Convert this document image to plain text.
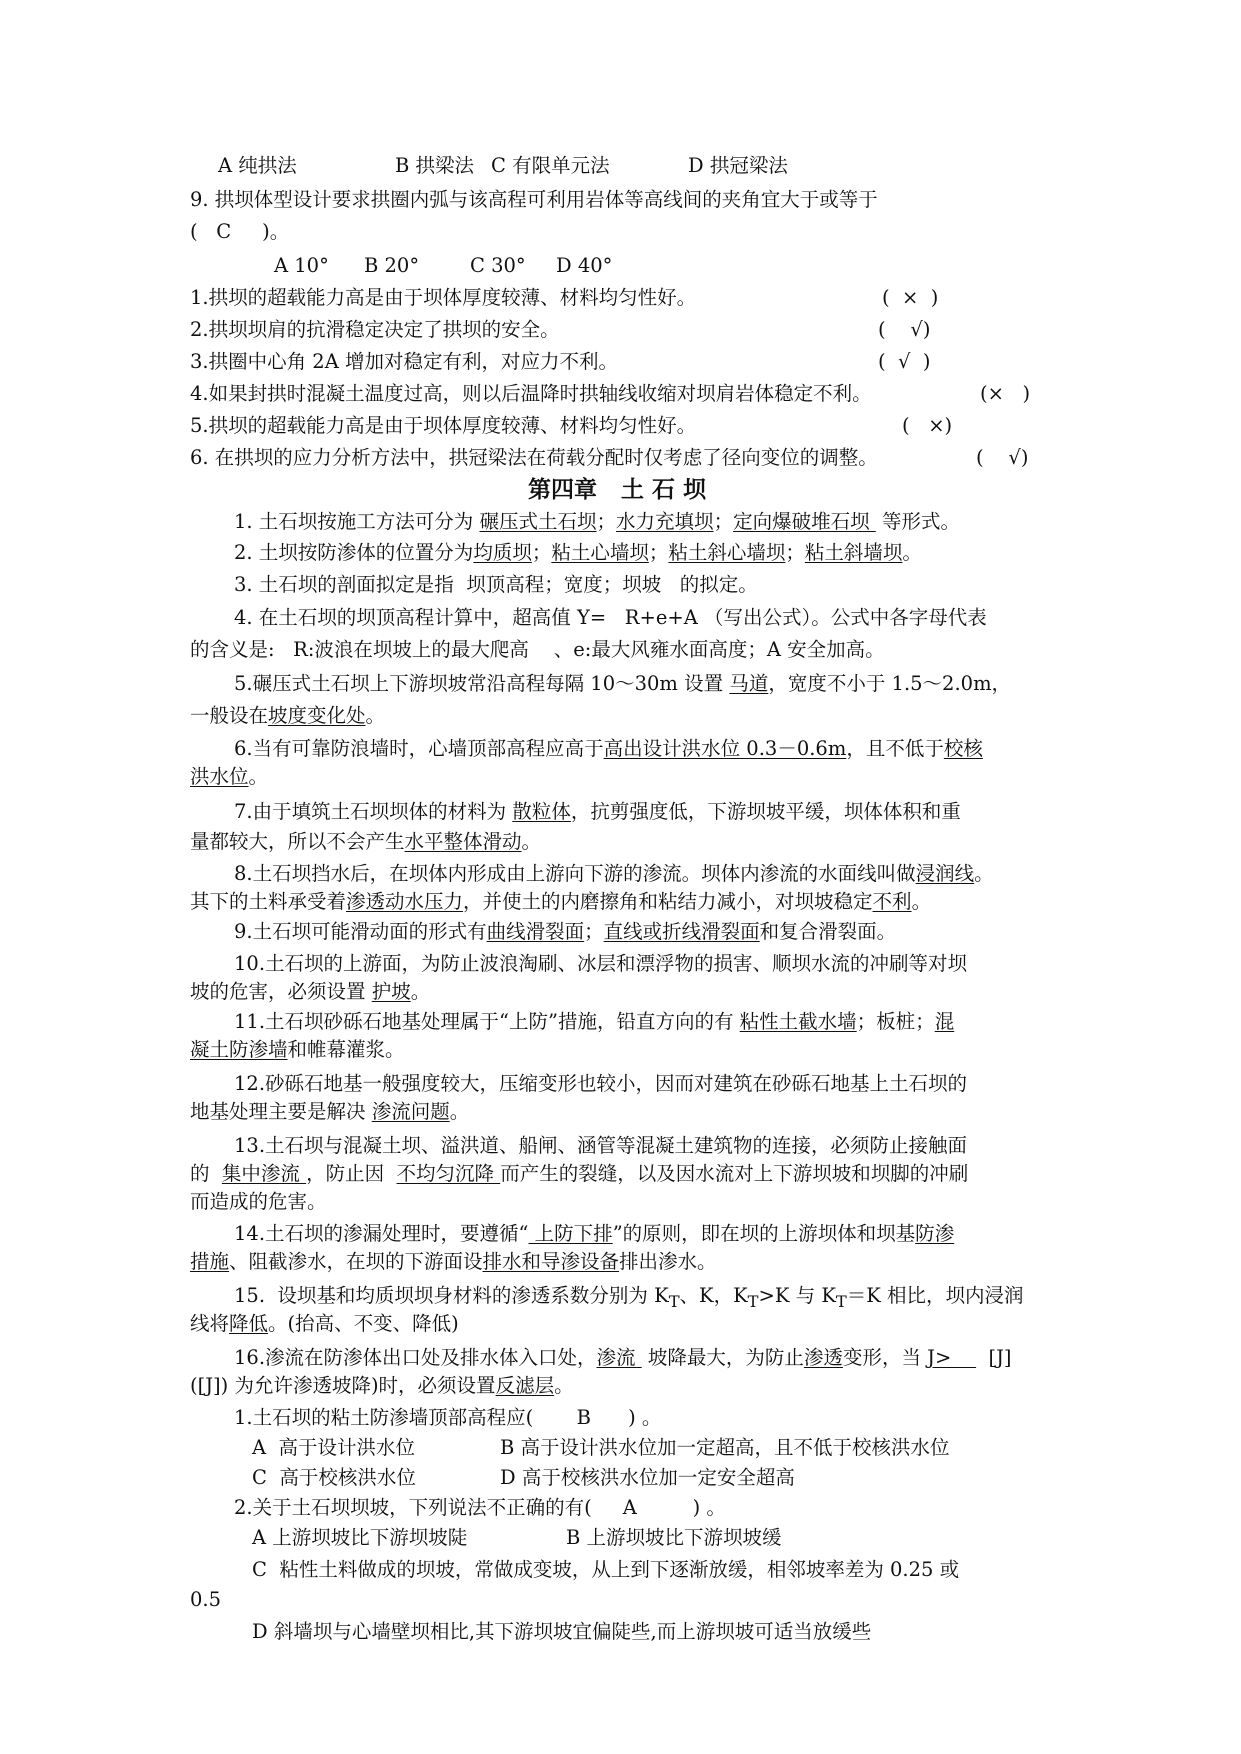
A 纯拱法	B 拱梁法 C 有限单元法	D 拱冠梁法
9. 拱坝体型设计要求拱圈内弧与该高程可利用岩体等高线间的夹角宜大于或等于
(   C     )。
A 10° B 20°	C 30° D 40°
1.拱坝的超载能力高是由于坝体厚度较薄、材料均匀性好。	(  ×  )
2.拱坝坝肩的抗滑稳定决定了拱坝的安全。	(    √)
3.拱圈中心角 2A 增加对稳定有利，对应力不利。	(  √  )
4.如果封拱时混凝土温度过高，则以后温降时拱轴线收缩对坝肩岩体稳定不利。	(×   )
5.拱坝的超载能力高是由于坝体厚度较薄、材料均匀性好。	(   ×)
6. 在拱坝的应力分析方法中，拱冠梁法在荷载分配时仅考虑了径向变位的调整。	(    √)
第四章   土 石 坝
1. 土石坝按施工方法可分为 碾压式土石坝；水力充填坝；定向爆破堆石坝  等形式。
2. 土坝按防渗体的位置分为均质坝；粘土心墙坝；粘土斜心墙坝；粘土斜墙坝。
3. 土石坝的剖面拟定是指  坝顶高程；宽度；坝坡   的拟定。
4. 在土石坝的坝顶高程计算中，超高值 Y=   R+e+A （写出公式）。公式中各字母代表
的含义是:   R:波浪在坝坡上的最大爬高    、e:最大风雍水面高度；A 安全加高。
5.碾压式土石坝上下游坝坡常沿高程每隔 10～30m 设置 马道，宽度不小于 1.5～2.0m，
一般设在坡度变化处。
6.当有可靠防浪墙时，心墙顶部高程应高于高出设计洪水位 0.3－0.6m，且不低于校核
洪水位。
7.由于填筑土石坝坝体的材料为 散粒体，抗剪强度低，下游坝坡平缓，坝体体积和重
量都较大，所以不会产生水平整体滑动。
8.土石坝挡水后，在坝体内形成由上游向下游的渗流。坝体内渗流的水面线叫做浸润线。
其下的土料承受着渗透动水压力，并使土的内磨擦角和粘结力减小，对坝坡稳定不利。
9.土石坝可能滑动面的形式有曲线滑裂面；直线或折线滑裂面和复合滑裂面。
10.土石坝的上游面，为防止波浪淘刷、冰层和漂浮物的损害、顺坝水流的冲刷等对坝
坡的危害，必须设置 护坡。
11.土石坝砂砾石地基处理属于“上防”措施，铅直方向的有 粘性土截水墙；板桩；混
凝土防渗墙和帷幕灌浆。
12.砂砾石地基一般强度较大，压缩变形也较小，因而对建筑在砂砾石地基上土石坝的
地基处理主要是解决 渗流问题。
13.土石坝与混凝土坝、溢洪道、船闸、涵管等混凝土建筑物的连接，必须防止接触面
的  集中渗流 ，防止因  不均匀沉降 而产生的裂缝，以及因水流对上下游坝坡和坝脚的冲刷
而造成的危害。
14.土石坝的渗漏处理时，要遵循“ 上防下排”的原则，即在坝的上游坝体和坝基防渗
措施、阻截渗水，在坝的下游面设排水和导渗设备排出渗水。
15.  设坝基和均质坝坝身材料的渗透系数分别为 $K_T$、K，$K_T>K$ 与 $K_T=K$ 相比，坝内浸润
线将降低。(抬高、不变、降低)
16.渗流在防渗体出口处及排水体入口处，渗流  坡降最大，为防止渗透变形，当 J>      [J]
([J]) 为允许渗透坡降)时，必须设置反滤层。
1.土石坝的粘土防渗墙顶部高程应(       B      ) 。
A  高于设计洪水位	B 高于设计洪水位加一定超高，且不低于校核洪水位
C  高于校核洪水位	D 高于校核洪水位加一定安全超高
2.关于土石坝坝坡，下列说法不正确的有(     A         ) 。
A 上游坝坡比下游坝坡陡	B 上游坝坡比下游坝坡缓
C  粘性土料做成的坝坡，常做成变坡，从上到下逐渐放缓，相邻坡率差为 0.25 或
0.5
D 斜墙坝与心墙壁坝相比,其下游坝坡宜偏陡些,而上游坝坡可适当放缓些
